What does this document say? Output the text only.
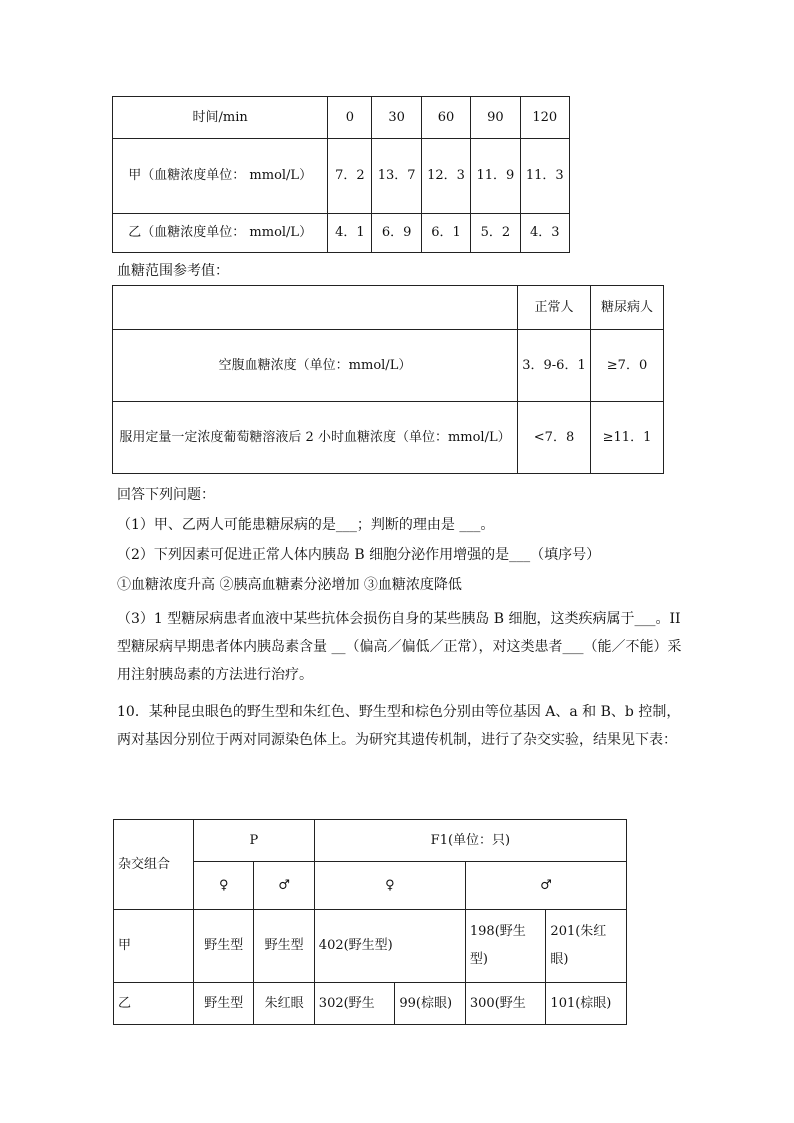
时间/min	0	30	60	90	120
甲（血糖浓度单位： mmol/L）	7．2	13．7	12．3	11．9	11．3
乙（血糖浓度单位： mmol/L）	4．1	6．9	6．1	5．2	4．3
血糖范围参考值：
	正常人	糖尿病人
空腹血糖浓度（单位：mmol/L）	3．9-6．1	≥7．0
服用定量一定浓度葡萄糖溶液后 2 小时血糖浓度（单位：mmol/L）	<7．8	≥11．1
回答下列问题：
（1）甲、乙两人可能患糖尿病的是___；判断的理由是 ___。
（2）下列因素可促进正常人体内胰岛 B 细胞分泌作用增强的是___（填序号）
①血糖浓度升高 ②胰高血糖素分泌增加 ③血糖浓度降低
（3）1 型糖尿病患者血液中某些抗体会损伤自身的某些胰岛 B 细胞，这类疾病属于___。II 型糖尿病早期患者体内胰岛素含量 __（偏高／偏低／正常），对这类患者___（能／不能）采用注射胰岛素的方法进行治疗。
10．某种昆虫眼色的野生型和朱红色、野生型和棕色分别由等位基因 A、a 和 B、b 控制，两对基因分别位于两对同源染色体上。为研究其遗传机制，进行了杂交实验，结果见下表：
杂交组合	P		F1(单位：只)			
	♀	♂	♀		♂	
甲	野生型	野生型	402(野生型)		198(野生型)	201(朱红眼)
乙	野生型	朱红眼	302(野生	99(棕眼)	300(野生	101(棕眼)
